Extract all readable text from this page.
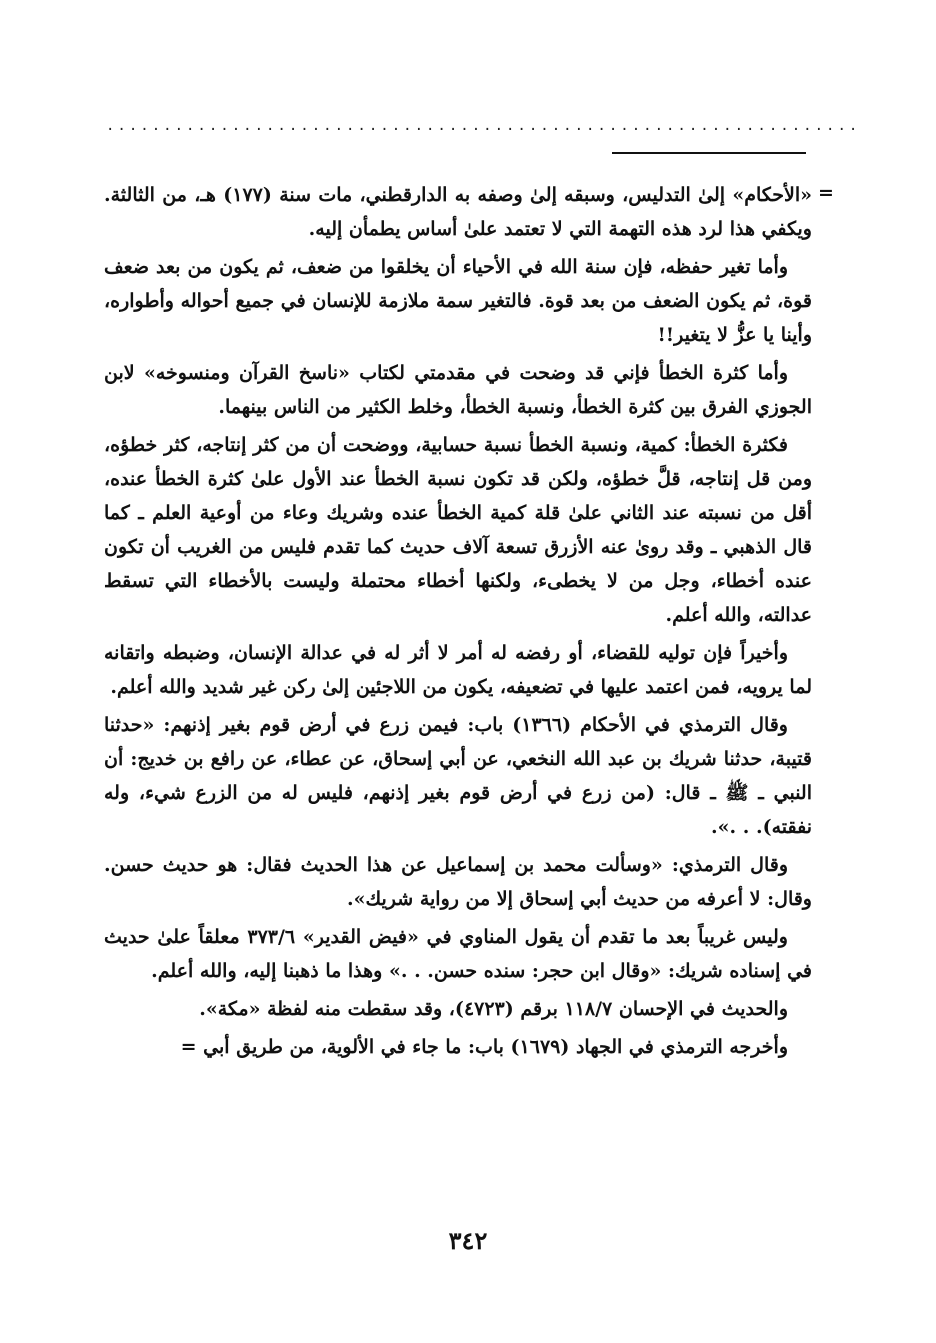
..................................................................
=

«الأحكام» إلىٰ التدليس، وسبقه إلىٰ وصفه به الدارقطني، مات سنة (١٧٧) هـ، من الثالثة. ويكفي هذا لرد هذه التهمة التي لا تعتمد علىٰ أساس يطمأن إليه.

وأما تغير حفظه، فإن سنة الله في الأحياء أن يخلقوا من ضعف، ثم يكون من بعد ضعف قوة، ثم يكون الضعف من بعد قوة. فالتغير سمة ملازمة للإنسان في جميع أحواله وأطواره، وأينا يا عزُّ لا يتغير!!

وأما كثرة الخطأ فإني قد وضحت في مقدمتي لكتاب «ناسخ القرآن ومنسوخه» لابن الجوزي الفرق بين كثرة الخطأ، ونسبة الخطأ، وخلط الكثير من الناس بينهما.

فكثرة الخطأ: كمية، ونسبة الخطأ نسبة حسابية، ووضحت أن من كثر إنتاجه، كثر خطؤه، ومن قل إنتاجه، قلَّ خطؤه، ولكن قد تكون نسبة الخطأ عند الأول علىٰ كثرة الخطأ عنده، أقل من نسبته عند الثاني علىٰ قلة كمية الخطأ عنده وشريك وعاء من أوعية العلم ـ كما قال الذهبي ـ وقد روىٰ عنه الأزرق تسعة آلاف حديث كما تقدم فليس من الغريب أن تكون عنده أخطاء، وجل من لا يخطىء، ولكنها أخطاء محتملة وليست بالأخطاء التي تسقط عدالته، والله أعلم.

وأخيراً فإن توليه للقضاء، أو رفضه له أمر لا أثر له في عدالة الإنسان، وضبطه واتقانه لما يرويه، فمن اعتمد عليها في تضعيفه، يكون من اللاجئين إلىٰ ركن غير شديد والله أعلم.

وقال الترمذي في الأحكام (١٣٦٦) باب: فيمن زرع في أرض قوم بغير إذنهم: «حدثنا قتيبة، حدثنا شريك بن عبد الله النخعي، عن أبي إسحاق، عن عطاء، عن رافع بن خديج: أن النبي ـ ﷺ ـ قال: (من زرع في أرض قوم بغير إذنهم، فليس له من الزرع شيء، وله نفقته). . .».

وقال الترمذي: «وسألت محمد بن إسماعيل عن هذا الحديث فقال: هو حديث حسن. وقال: لا أعرفه من حديث أبي إسحاق إلا من رواية شريك».

وليس غريباً بعد ما تقدم أن يقول المناوي في «فيض القدير» ٣٧٣/٦ معلقاً علىٰ حديث في إسناده شريك: «وقال ابن حجر: سنده حسن. . .» وهذا ما ذهبنا إليه، والله أعلم.

والحديث في الإحسان ١١٨/٧ برقم (٤٧٢٣)، وقد سقطت منه لفظة «مكة».

وأخرجه الترمذي في الجهاد (١٦٧٩) باب: ما جاء في الألوية، من طريق أبي =

٣٤٢
